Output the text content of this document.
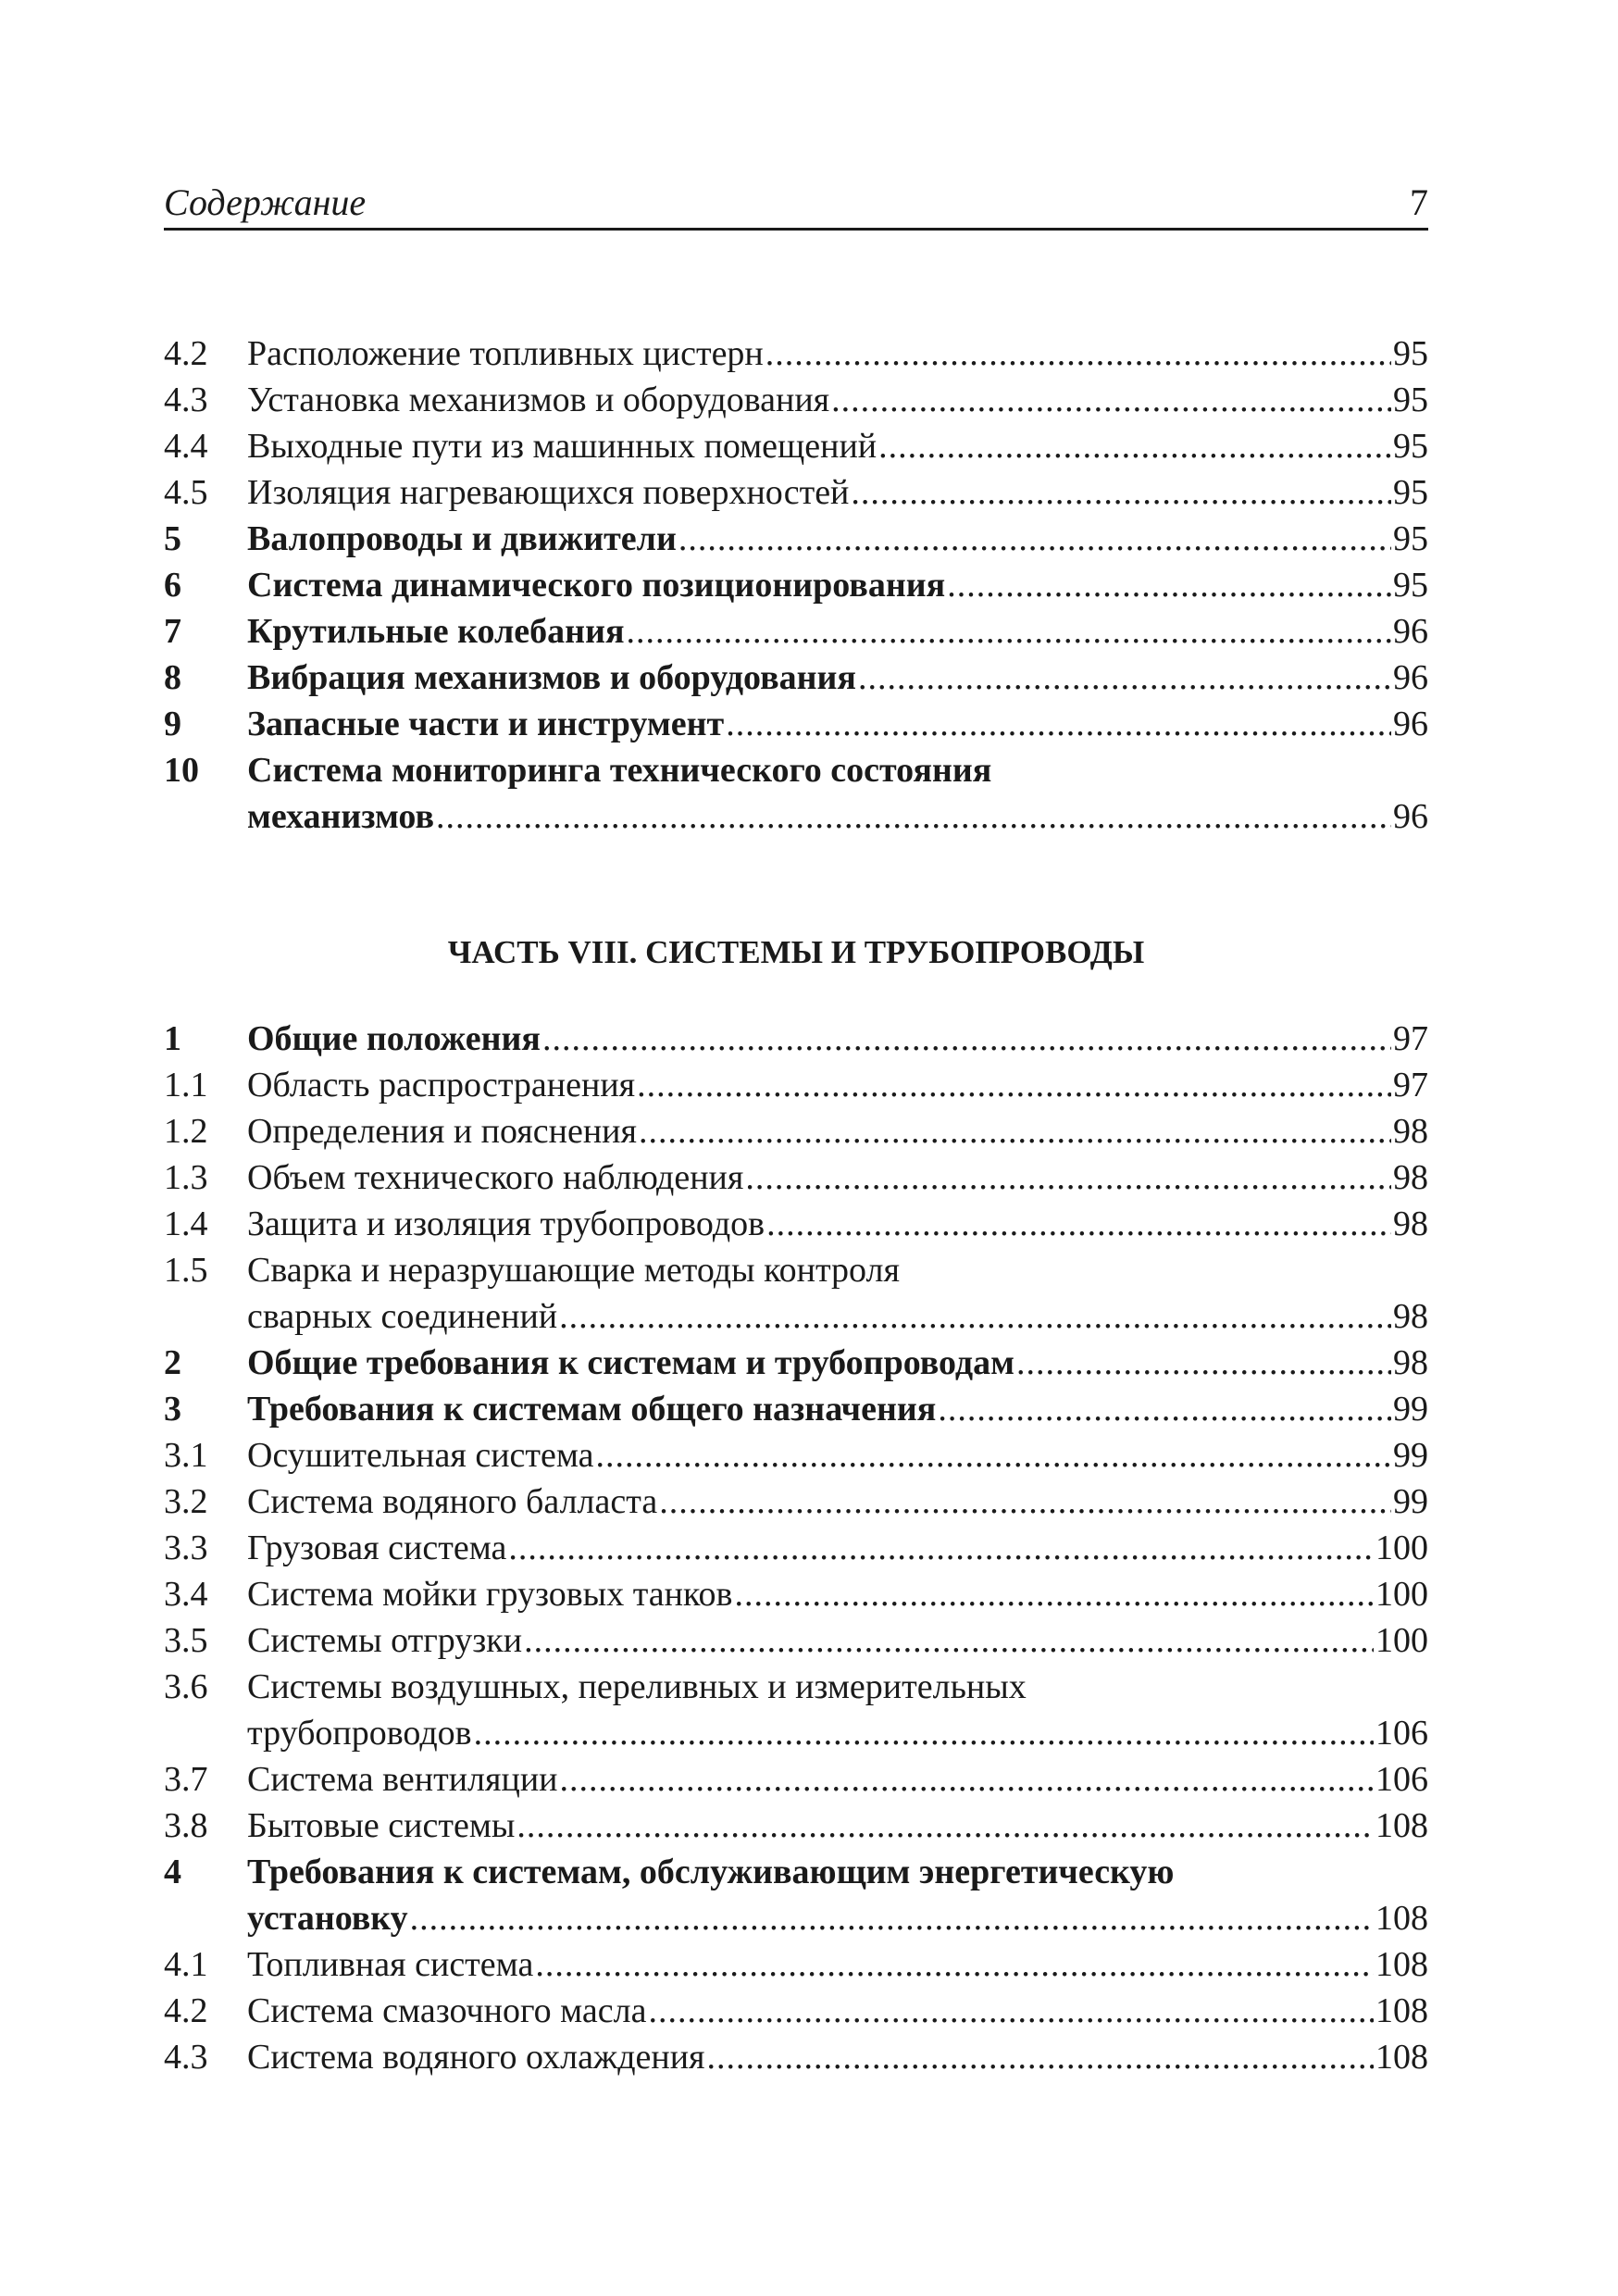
Содержание	7
4.2 Расположение топливных цистерн .....	95
4.3 Установка механизмов и оборудования .....	95
4.4 Выходные пути из машинных помещений .....	95
4.5 Изоляция нагревающихся поверхностей .....	95
5 Валопроводы и движители .....	95
6 Система динамического позиционирования .....	95
7 Крутильные колебания .....	96
8 Вибрация механизмов и оборудования .....	96
9 Запасные части и инструмент .....	96
10 Система мониторинга технического состояния
механизмов .....	96
ЧАСТЬ VIII. СИСТЕМЫ И ТРУБОПРОВОДЫ
1 Общие положения .....	97
1.1 Область распространения .....	97
1.2 Определения и пояснения .....	98
1.3 Объем технического наблюдения .....	98
1.4 Защита и изоляция трубопроводов .....	98
1.5 Сварка и неразрушающие методы контроля
сварных соединений .....	98
2 Общие требования к системам и трубопроводам .....	98
3 Требования к системам общего назначения .....	99
3.1 Осушительная система .....	99
3.2 Система водяного балласта .....	99
3.3 Грузовая система .....	100
3.4 Система мойки грузовых танков .....	100
3.5 Системы отгрузки .....	100
3.6 Системы воздушных, переливных и измерительных
трубопроводов .....	106
3.7 Система вентиляции .....	106
3.8 Бытовые системы .....	108
4 Требования к системам, обслуживающим энергетическую
установку .....	108
4.1 Топливная система .....	108
4.2 Система смазочного масла .....	108
4.3 Система водяного охлаждения .....	108
